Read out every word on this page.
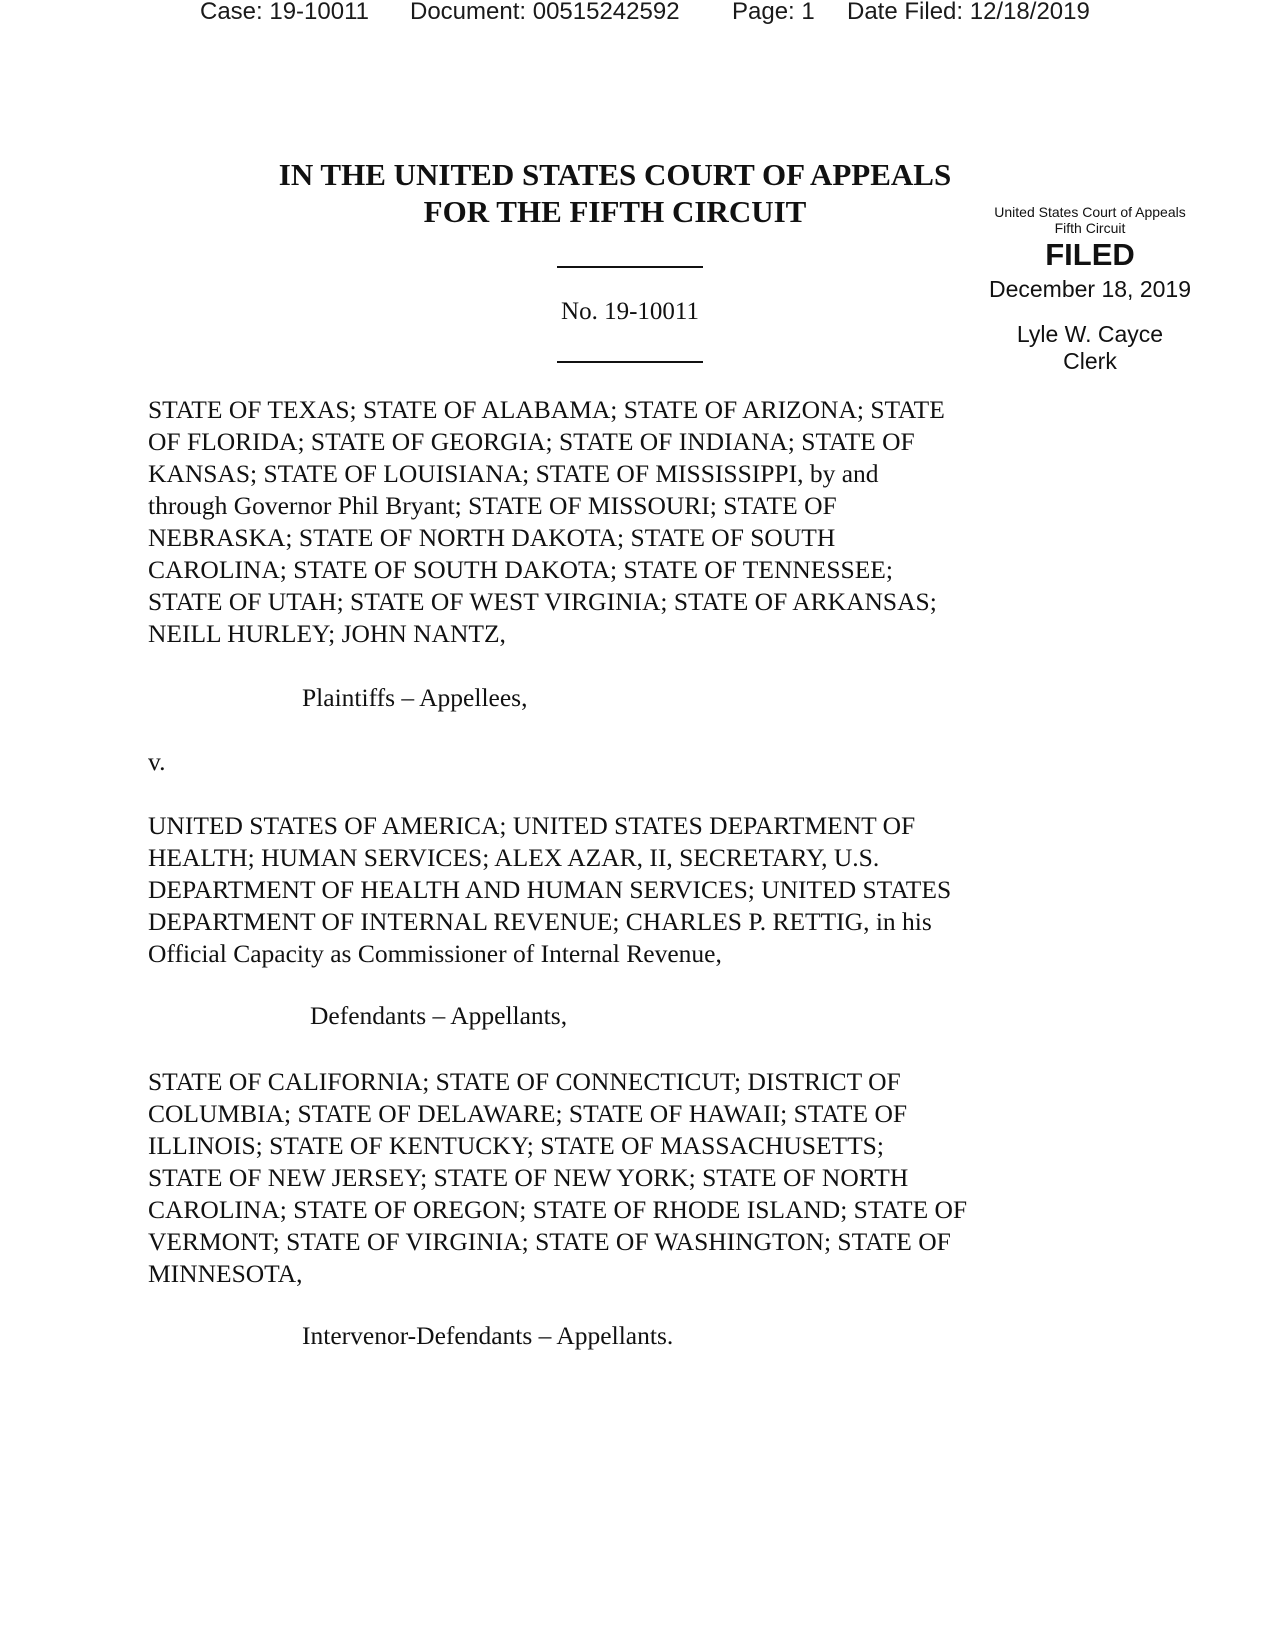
Case: 19-10011 Document: 00515242592 Page: 1 Date Filed: 12/18/2019
IN THE UNITED STATES COURT OF APPEALS
FOR THE FIFTH CIRCUIT
No. 19-10011
United States Court of Appeals
Fifth Circuit
FILED
December 18, 2019
Lyle W. Cayce
Clerk
STATE OF TEXAS; STATE OF ALABAMA; STATE OF ARIZONA; STATE
OF FLORIDA; STATE OF GEORGIA; STATE OF INDIANA; STATE OF
KANSAS; STATE OF LOUISIANA; STATE OF MISSISSIPPI, by and
through Governor Phil Bryant; STATE OF MISSOURI; STATE OF
NEBRASKA; STATE OF NORTH DAKOTA; STATE OF SOUTH
CAROLINA; STATE OF SOUTH DAKOTA; STATE OF TENNESSEE;
STATE OF UTAH; STATE OF WEST VIRGINIA; STATE OF ARKANSAS;
NEILL HURLEY; JOHN NANTZ,
Plaintiffs – Appellees,
v.
UNITED STATES OF AMERICA; UNITED STATES DEPARTMENT OF
HEALTH; HUMAN SERVICES; ALEX AZAR, II, SECRETARY, U.S.
DEPARTMENT OF HEALTH AND HUMAN SERVICES; UNITED STATES
DEPARTMENT OF INTERNAL REVENUE; CHARLES P. RETTIG, in his
Official Capacity as Commissioner of Internal Revenue,
Defendants – Appellants,
STATE OF CALIFORNIA; STATE OF CONNECTICUT; DISTRICT OF
COLUMBIA; STATE OF DELAWARE; STATE OF HAWAII; STATE OF
ILLINOIS; STATE OF KENTUCKY; STATE OF MASSACHUSETTS;
STATE OF NEW JERSEY; STATE OF NEW YORK; STATE OF NORTH
CAROLINA; STATE OF OREGON; STATE OF RHODE ISLAND; STATE OF
VERMONT; STATE OF VIRGINIA; STATE OF WASHINGTON; STATE OF
MINNESOTA,
Intervenor-Defendants – Appellants.
